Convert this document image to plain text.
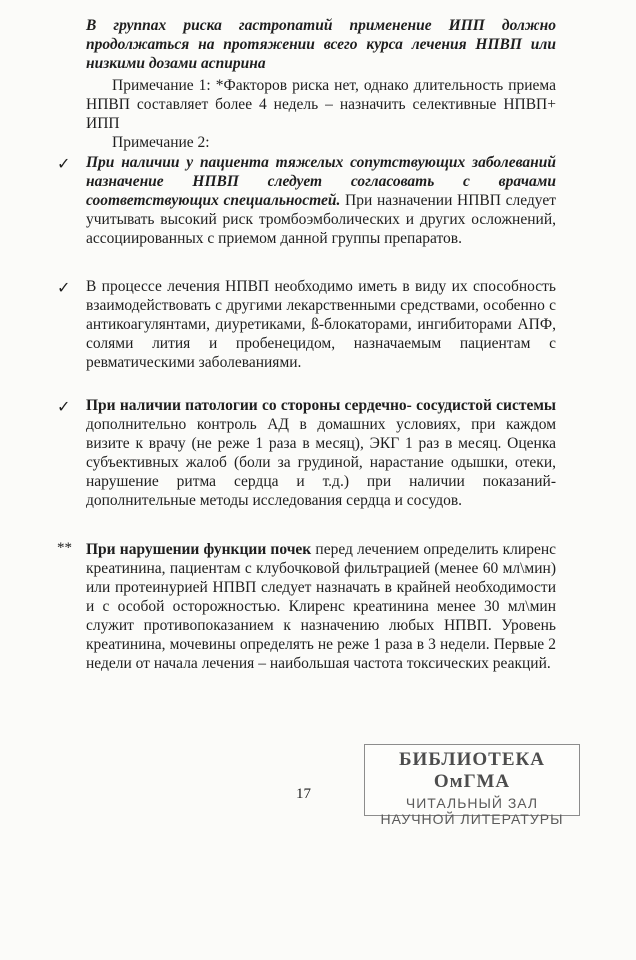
В группах риска гастропатий применение ИПП должно продолжаться на протяжении всего курса лечения НПВП или низкими дозами аспирина
Примечание 1: *Факторов риска нет, однако длительность приема НПВП составляет более 4 недель – назначить селективные НПВП+ ИПП
Примечание 2:
✓ При наличии у пациента тяжелых сопутствующих заболеваний назначение НПВП следует согласовать с врачами соответствующих специальностей. При назначении НПВП следует учитывать высокий риск тромбоэмболических и других осложнений, ассоциированных с приемом данной группы препаратов.
✓ В процессе лечения НПВП необходимо иметь в виду их способность взаимодействовать с другими лекарственными средствами, особенно с антикоагулянтами, диуретиками, ß-блокаторами, ингибиторами АПФ, солями лития и пробенецидом, назначаемым пациентам с ревматическими заболеваниями.
✓ При наличии патологии со стороны сердечно- сосудистой системы дополнительно контроль АД в домашних условиях, при каждом визите к врачу (не реже 1 раза в месяц), ЭКГ 1 раз в месяц. Оценка субъективных жалоб (боли за грудиной, нарастание одышки, отеки, нарушение ритма сердца и т.д.) при наличии показаний-дополнительные методы исследования сердца и сосудов.
** При нарушении функции почек перед лечением определить клиренс креатинина, пациентам с клубочковой фильтрацией (менее 60 мл\мин) или протеинурией НПВП следует назначать в крайней необходимости и с особой осторожностью. Клиренс креатинина менее 30 мл\мин служит противопоказанием к назначению любых НПВП. Уровень креатинина, мочевины определять не реже 1 раза в 3 недели. Первые 2 недели от начала лечения – наибольшая частота токсических реакций.
17
БИБЛИОТЕКА ОмГМА
ЧИТАЛЬНЫЙ ЗАЛ
НАУЧНОЙ ЛИТЕРАТУРЫ
